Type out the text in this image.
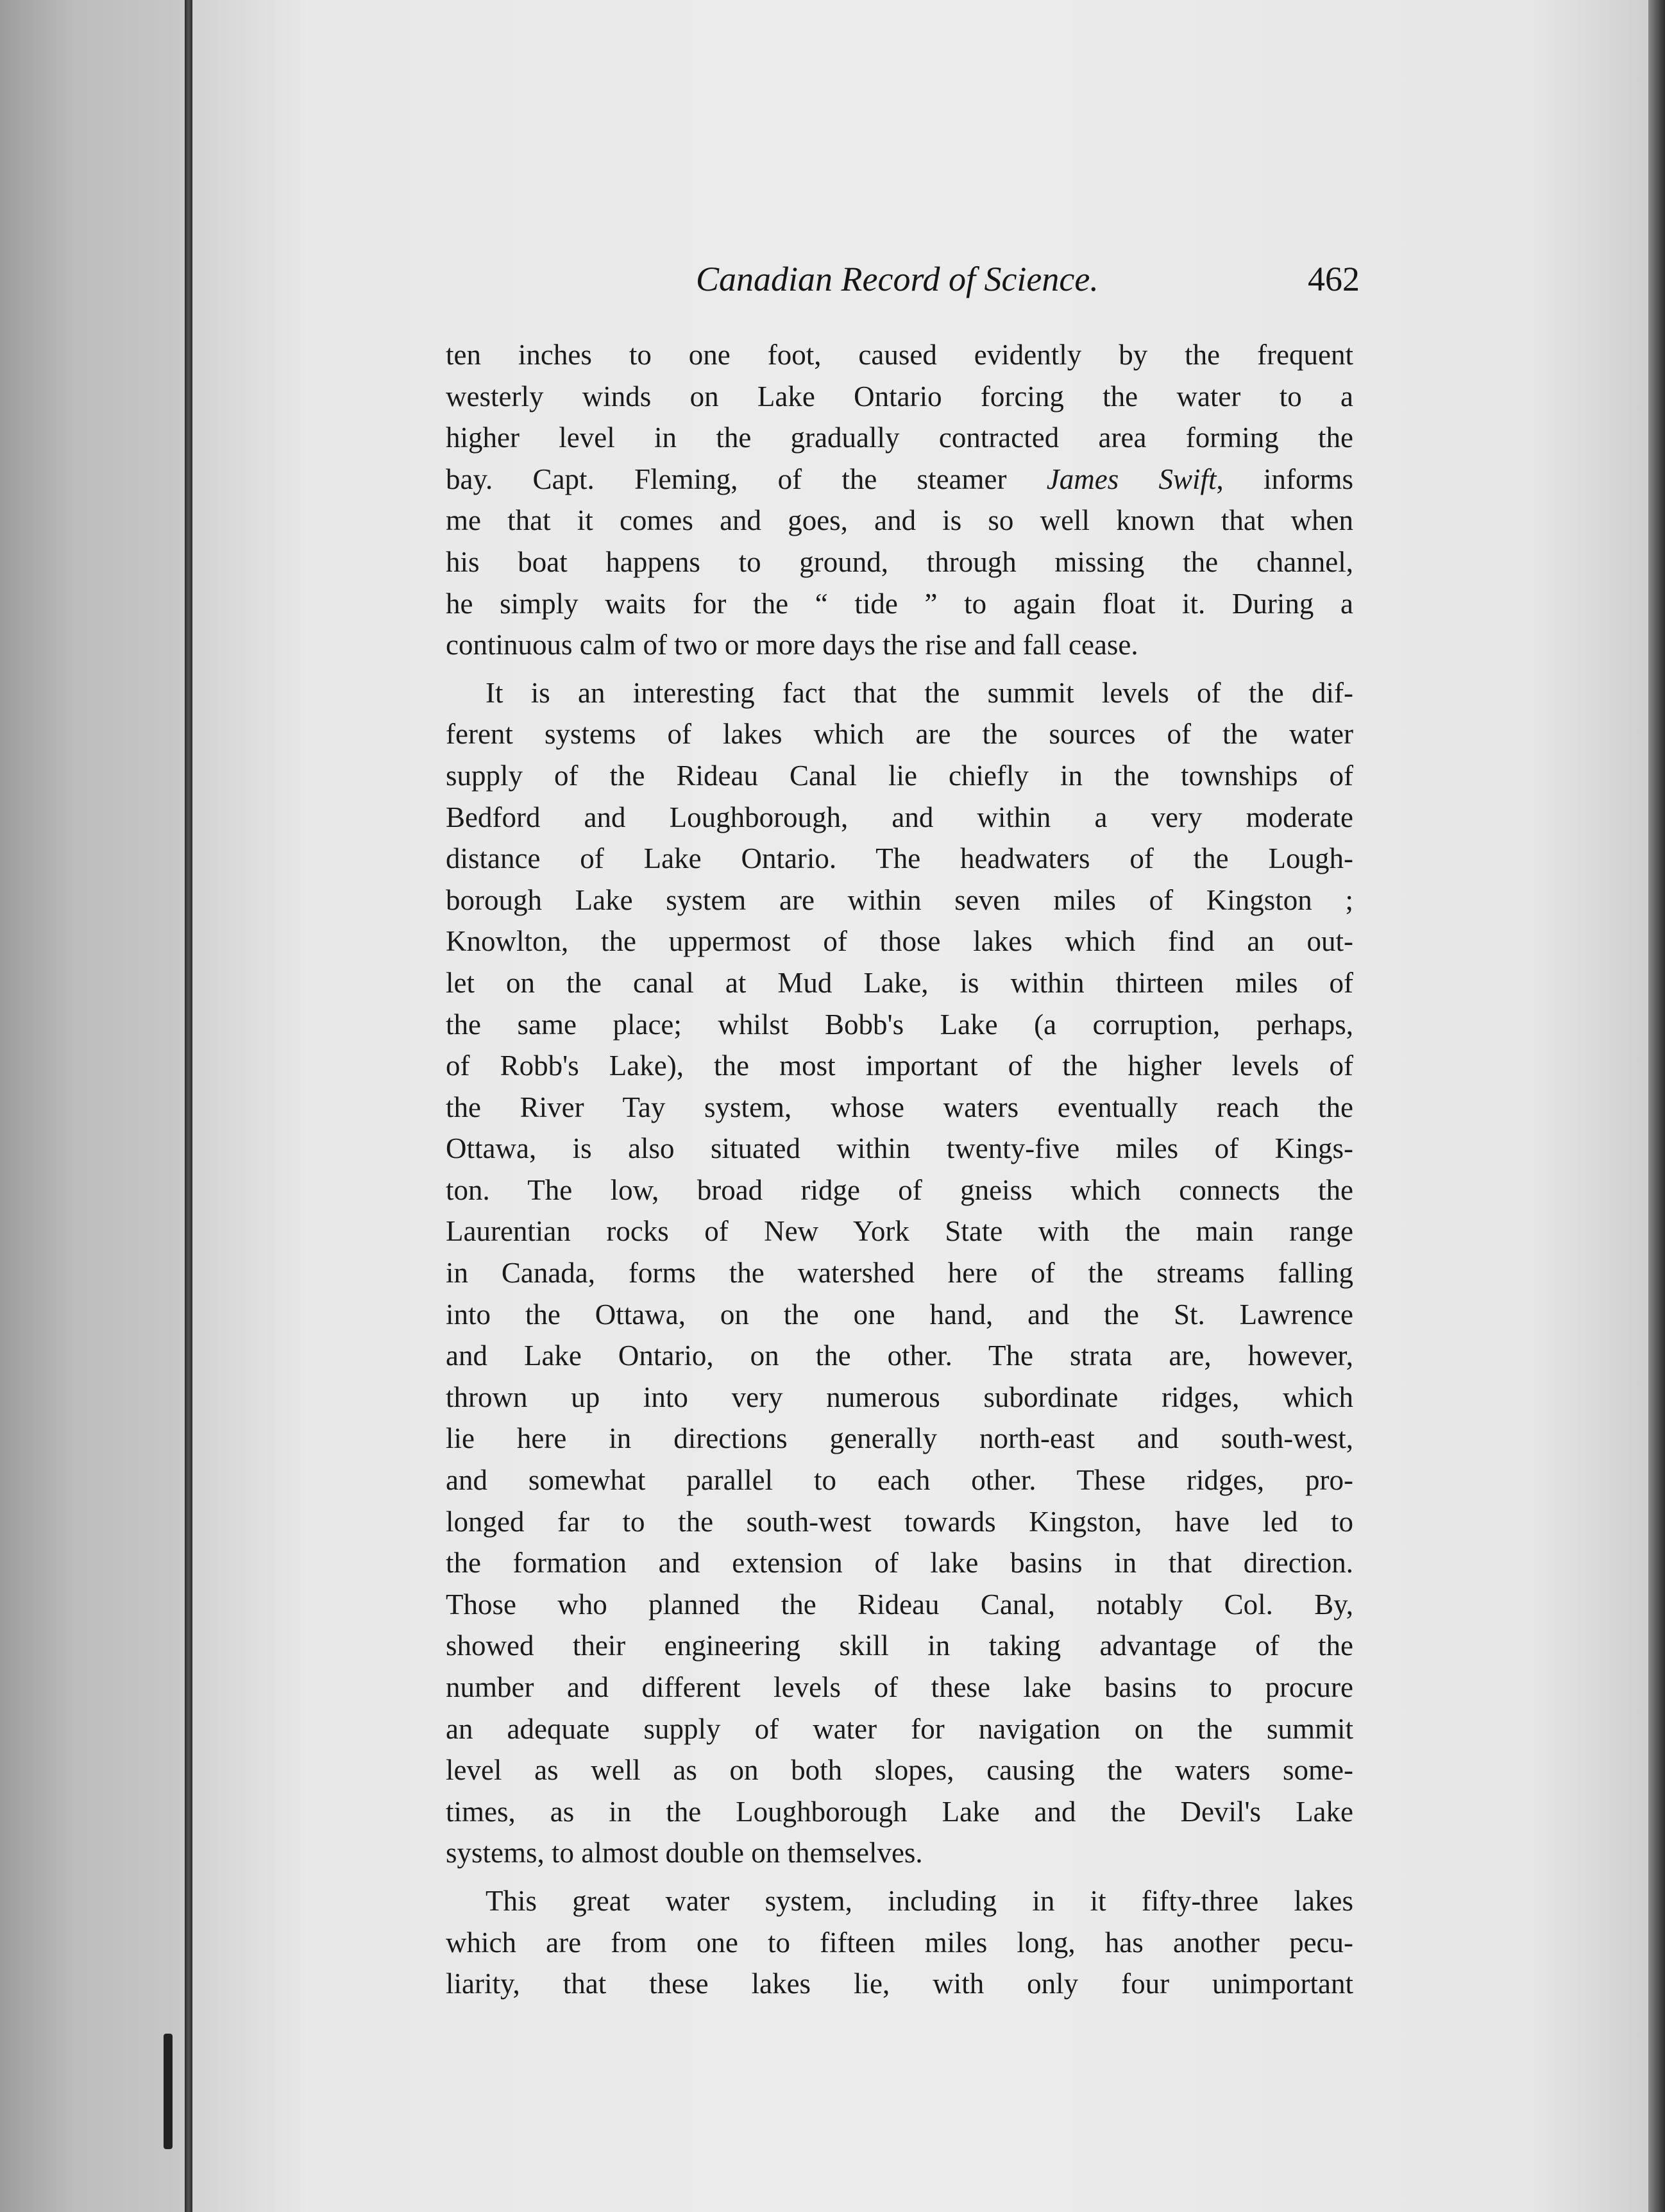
Canadian Record of Science.	462
ten inches to one foot, caused evidently by the frequent
westerly winds on Lake Ontario forcing the water to a
higher level in the gradually contracted area forming the
bay. Capt. Fleming, of the steamer James Swift, informs
me that it comes and goes, and is so well known that when
his boat happens to ground, through missing the channel,
he simply waits for the “ tide ” to again float it. During a
continuous calm of two or more days the rise and fall cease.
It is an interesting fact that the summit levels of the dif-
ferent systems of lakes which are the sources of the water
supply of the Rideau Canal lie chiefly in the townships of
Bedford and Loughborough, and within a very moderate
distance of Lake Ontario. The headwaters of the Lough-
borough Lake system are within seven miles of Kingston ;
Knowlton, the uppermost of those lakes which find an out-
let on the canal at Mud Lake, is within thirteen miles of
the same place; whilst Bobb's Lake (a corruption, perhaps,
of Robb's Lake), the most important of the higher levels of
the River Tay system, whose waters eventually reach the
Ottawa, is also situated within twenty-five miles of Kings-
ton. The low, broad ridge of gneiss which connects the
Laurentian rocks of New York State with the main range
in Canada, forms the watershed here of the streams falling
into the Ottawa, on the one hand, and the St. Lawrence
and Lake Ontario, on the other. The strata are, however,
thrown up into very numerous subordinate ridges, which
lie here in directions generally north-east and south-west,
and somewhat parallel to each other. These ridges, pro-
longed far to the south-west towards Kingston, have led to
the formation and extension of lake basins in that direction.
Those who planned the Rideau Canal, notably Col. By,
showed their engineering skill in taking advantage of the
number and different levels of these lake basins to procure
an adequate supply of water for navigation on the summit
level as well as on both slopes, causing the waters some-
times, as in the Loughborough Lake and the Devil's Lake
systems, to almost double on themselves.
This great water system, including in it fifty-three lakes
which are from one to fifteen miles long, has another pecu-
liarity, that these lakes lie, with only four unimportant
